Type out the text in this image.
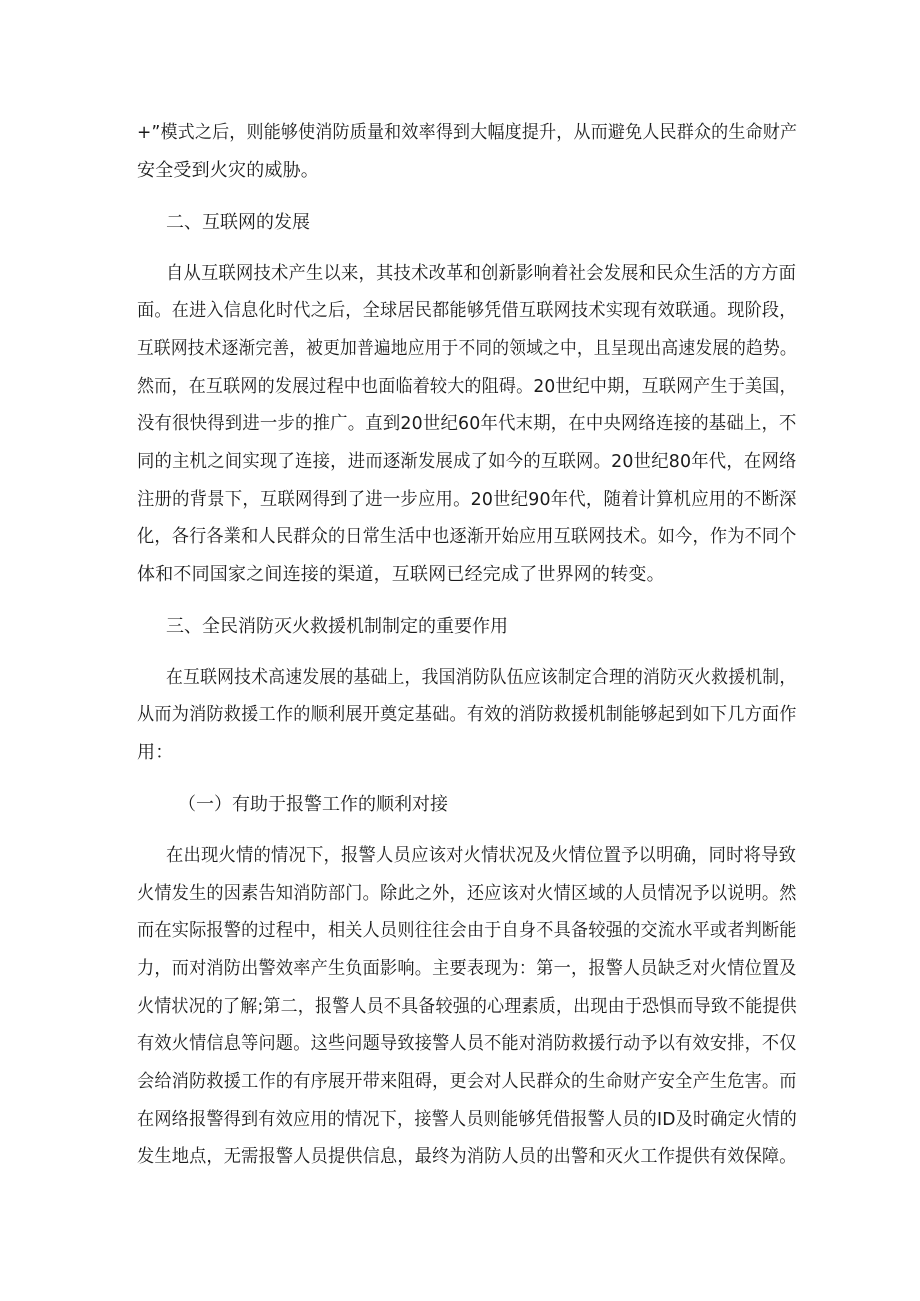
+”模式之后，则能够使消防质量和效率得到大幅度提升，从而避免人民群众的生命财产
安全受到火灾的威胁。
二、互联网的发展
自从互联网技术产生以来，其技术改革和创新影响着社会发展和民众生活的方方面
面。在进入信息化时代之后，全球居民都能够凭借互联网技术实现有效联通。现阶段，
互联网技术逐渐完善，被更加普遍地应用于不同的领域之中，且呈现出高速发展的趋势。
然而，在互联网的发展过程中也面临着较大的阻碍。20世纪中期，互联网产生于美国，
没有很快得到进一步的推广。直到20世纪60年代末期，在中央网络连接的基础上，不
同的主机之间实现了连接，进而逐渐发展成了如今的互联网。20世纪80年代，在网络
注册的背景下，互联网得到了进一步应用。20世纪90年代，随着计算机应用的不断深
化，各行各業和人民群众的日常生活中也逐渐开始应用互联网技术。如今，作为不同个
体和不同国家之间连接的渠道，互联网已经完成了世界网的转变。
三、全民消防灭火救援机制制定的重要作用
在互联网技术高速发展的基础上，我国消防队伍应该制定合理的消防灭火救援机制，
从而为消防救援工作的顺利展开奠定基础。有效的消防救援机制能够起到如下几方面作
用：
（一）有助于报警工作的顺利对接
在出现火情的情况下，报警人员应该对火情状况及火情位置予以明确，同时将导致
火情发生的因素告知消防部门。除此之外，还应该对火情区域的人员情况予以说明。然
而在实际报警的过程中，相关人员则往往会由于自身不具备较强的交流水平或者判断能
力，而对消防出警效率产生负面影响。主要表现为：第一，报警人员缺乏对火情位置及
火情状况的了解;第二，报警人员不具备较强的心理素质，出现由于恐惧而导致不能提供
有效火情信息等问题。这些问题导致接警人员不能对消防救援行动予以有效安排，不仅
会给消防救援工作的有序展开带来阻碍，更会对人民群众的生命财产安全产生危害。而
在网络报警得到有效应用的情况下，接警人员则能够凭借报警人员的ID及时确定火情的
发生地点，无需报警人员提供信息，最终为消防人员的出警和灭火工作提供有效保障。
